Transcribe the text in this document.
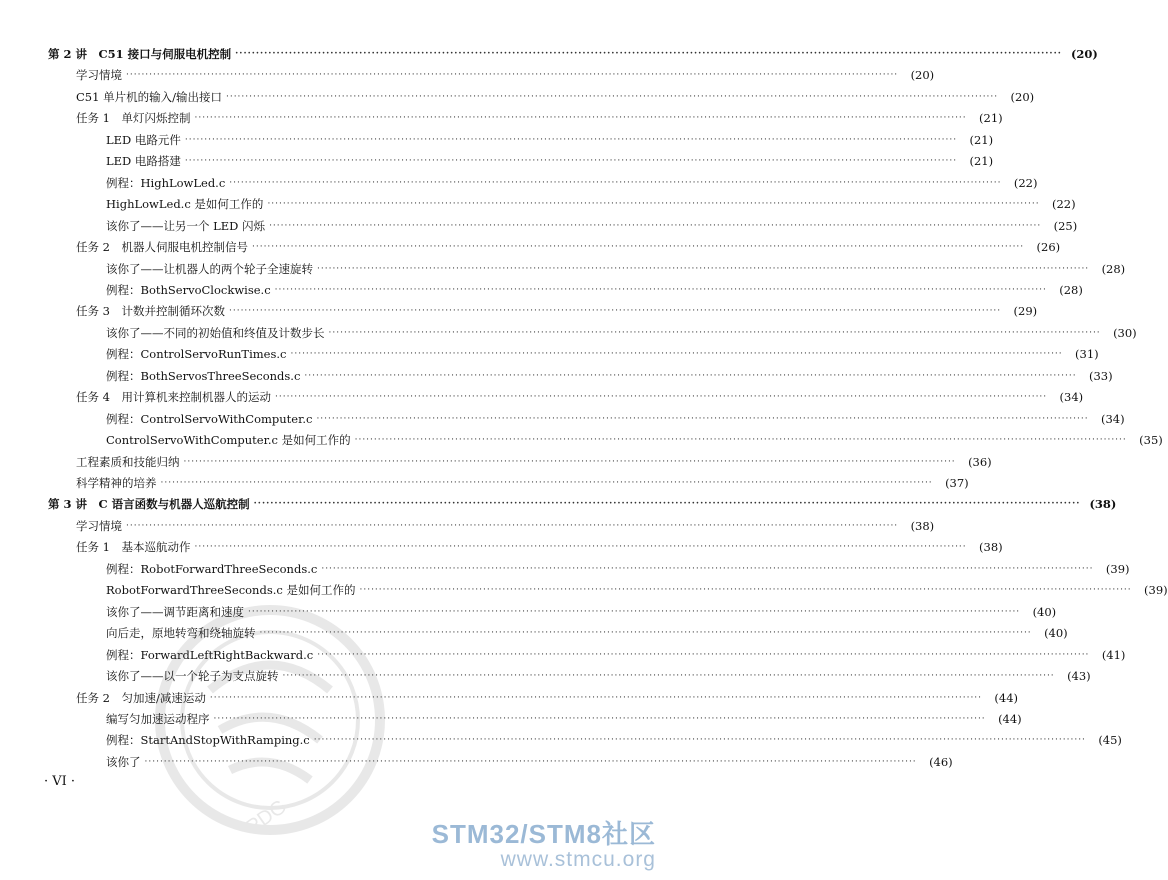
第 2 讲　C51 接口与伺服电机控制 ········································································································································································································ (20)
学习情境 ········································································································································································································	(20)
C51 单片机的输入/输出接口 ········································································································································································································	(20)
任务 1　单灯闪烁控制 ········································································································································································································	(21)
LED 电路元件 ········································································································································································································	(21)
LED 电路搭建 ········································································································································································································	(21)
例程：HighLowLed.c ········································································································································································································	(22)
HighLowLed.c 是如何工作的 ········································································································································································································	(22)
该你了——让另一个 LED 闪烁 ········································································································································································································	(25)
任务 2　机器人伺服电机控制信号 ········································································································································································································	(26)
该你了——让机器人的两个轮子全速旋转 ········································································································································································································	(28)
例程：BothServoClockwise.c ········································································································································································································	(28)
任务 3　计数并控制循环次数 ········································································································································································································	(29)
该你了——不同的初始值和终值及计数步长 ········································································································································································································	(30)
例程：ControlServoRunTimes.c ········································································································································································································	(31)
例程：BothServosThreeSeconds.c ········································································································································································································	(33)
任务 4　用计算机来控制机器人的运动 ········································································································································································································	(34)
例程：ControlServoWithComputer.c ········································································································································································································	(34)
ControlServoWithComputer.c 是如何工作的 ········································································································································································································	(35)
工程素质和技能归纳 ········································································································································································································	(36)
科学精神的培养 ········································································································································································································	(37)
第 3 讲　C 语言函数与机器人巡航控制 ········································································································································································································ (38)
学习情境 ········································································································································································································	(38)
任务 1　基本巡航动作 ········································································································································································································	(38)
例程：RobotForwardThreeSeconds.c ········································································································································································································	(39)
RobotForwardThreeSeconds.c 是如何工作的 ········································································································································································································	(39)
该你了——调节距离和速度 ········································································································································································································	(40)
向后走，原地转弯和绕轴旋转 ········································································································································································································	(40)
例程：ForwardLeftRightBackward.c ········································································································································································································	(41)
该你了——以一个轮子为支点旋转 ········································································································································································································	(43)
任务 2　匀加速/减速运动 ········································································································································································································	(44)
编写匀加速运动程序 ········································································································································································································	(44)
例程：StartAndStopWithRamping.c ········································································································································································································	(45)
该你了 ········································································································································································································	(46)
· VI ·
PDG	STM32/STM8社区
www.stmcu.org
